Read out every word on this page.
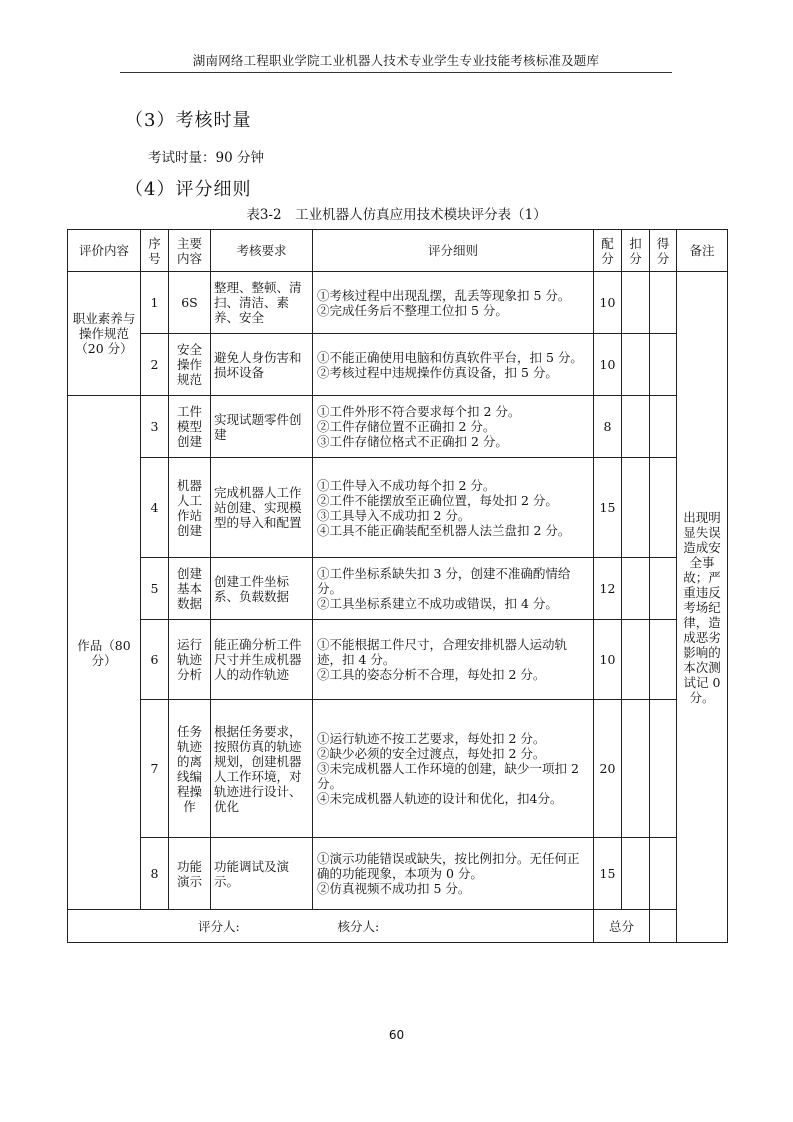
湖南网络工程职业学院工业机器人技术专业学生专业技能考核标准及题库
（3）考核时量
考试时量：90 分钟
（4）评分细则
表3-2　工业机器人仿真应用技术模块评分表（1）
评价内容	序号	主要内容	考核要求	评分细则	配分	扣分	得分	备注
职业素养与操作规范（20 分）	1	6S	整理、整顿、清扫、清洁、素养、安全	①考核过程中出现乱摆，乱丢等现象扣 5 分。
②完成任务后不整理工位扣 5 分。	10			出现明显失误造成安全事故；严重违反考场纪律，造成恶劣影响的本次测试记 0 分。
	2	安全操作规范	避免人身伤害和损坏设备	①不能正确使用电脑和仿真软件平台，扣 5 分。
②考核过程中违规操作仿真设备，扣 5 分。	10			
作品（80 分）	3	工件模型创建	实现试题零件创建	①工件外形不符合要求每个扣 2 分。
②工件存储位置不正确扣 2 分。
③工件存储位格式不正确扣 2 分。	8			
	4	机器人工作站创建	完成机器人工作站创建、实现模型的导入和配置	①工件导入不成功每个扣 2 分。
②工件不能摆放至正确位置，每处扣 2 分。
③工具导入不成功扣 2 分。
④工具不能正确装配至机器人法兰盘扣 2 分。	15			
	5	创建基本数据	创建工件坐标系、负载数据	①工件坐标系缺失扣 3 分，创建不准确酌情给分。
②工具坐标系建立不成功或错误，扣 4 分。	12			
	6	运行轨迹分析	能正确分析工件尺寸并生成机器人的动作轨迹	①不能根据工件尺寸，合理安排机器人运动轨迹，扣 4 分。
②工具的姿态分析不合理，每处扣 2 分。	10			
	7	任务轨迹的离线编程操作	根据任务要求，按照仿真的轨迹规划，创建机器人工作环境，对轨迹进行设计、优化	①运行轨迹不按工艺要求，每处扣 2 分。
②缺少必须的安全过渡点，每处扣 2 分。
③未完成机器人工作环境的创建，缺少一项扣 2 分。
④未完成机器人轨迹的设计和优化，扣4分。	20			
	8	功能演示	功能调试及演示。	①演示功能错误或缺失，按比例扣分。无任何正确的功能现象，本项为 0 分。
②仿真视频不成功扣 5 分。	15			
评分人:				核分人:	总分			
60
